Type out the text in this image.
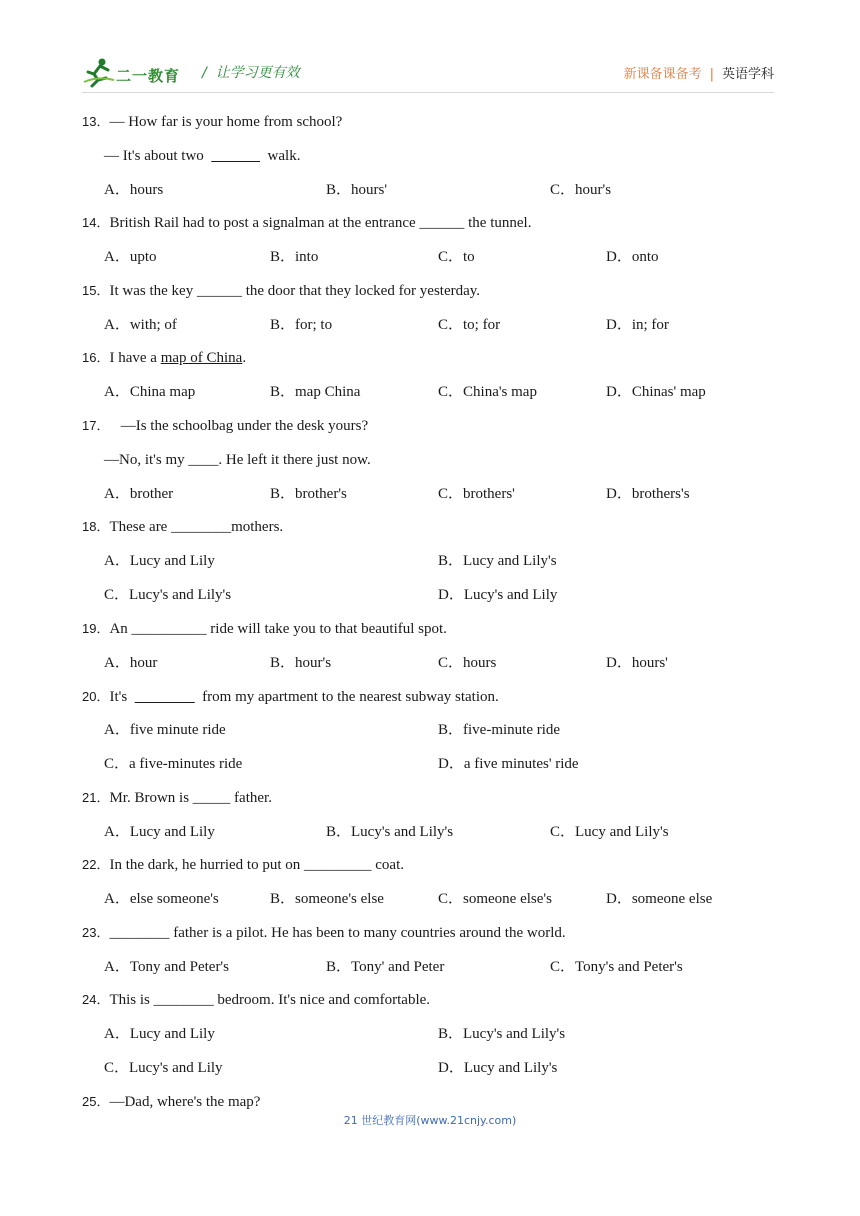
二一教育 /  让学习更有效	新课备课备考 | 英语学科
13．— How far is your home from school?
— It's about two	walk.
A．hours	B．hours'	C．hour's
14．British Rail had to post a signalman at the entrance ______ the tunnel.
A．upto	B．into	C．to	D．onto
15．It was the key ______ the door that they locked for yesterday.
A．with; of	B．for; to	C．to; for	D．in; for
16．I have a map of China.
A．China map	B．map China	C．China's map	D．Chinas' map
17． —Is the schoolbag under the desk yours?
—No, it's my ____. He left it there just now.
A．brother	B．brother's	C．brothers'	D．brothers's
18．These are ________mothers.
A．Lucy and Lily	B．Lucy and Lily's
C．Lucy's and Lily's	D．Lucy's and Lily
19．An __________ ride will take you to that beautiful spot.
A．hour	B．hour's	C．hours	D．hours'
20．It's	from my apartment to the nearest subway station.
A．five minute ride	B．five-minute ride
C．a five-minutes ride	D．a five minutes' ride
21．Mr. Brown is _____ father.
A．Lucy and Lily	B．Lucy's and Lily's	C．Lucy and Lily's
22．In the dark, he hurried to put on _________ coat.
A．else someone's	B．someone's else	C．someone else's	D．someone else
23．________ father is a pilot. He has been to many countries around the world.
A．Tony and Peter's	B．Tony' and Peter	C．Tony's and Peter's
24．This is ________ bedroom. It's nice and comfortable.
A．Lucy and Lily	B．Lucy's and Lily's
C．Lucy's and Lily	D．Lucy and Lily's
25．—Dad, where's the map?
21 世纪教育网(www.21cnjy.com)
